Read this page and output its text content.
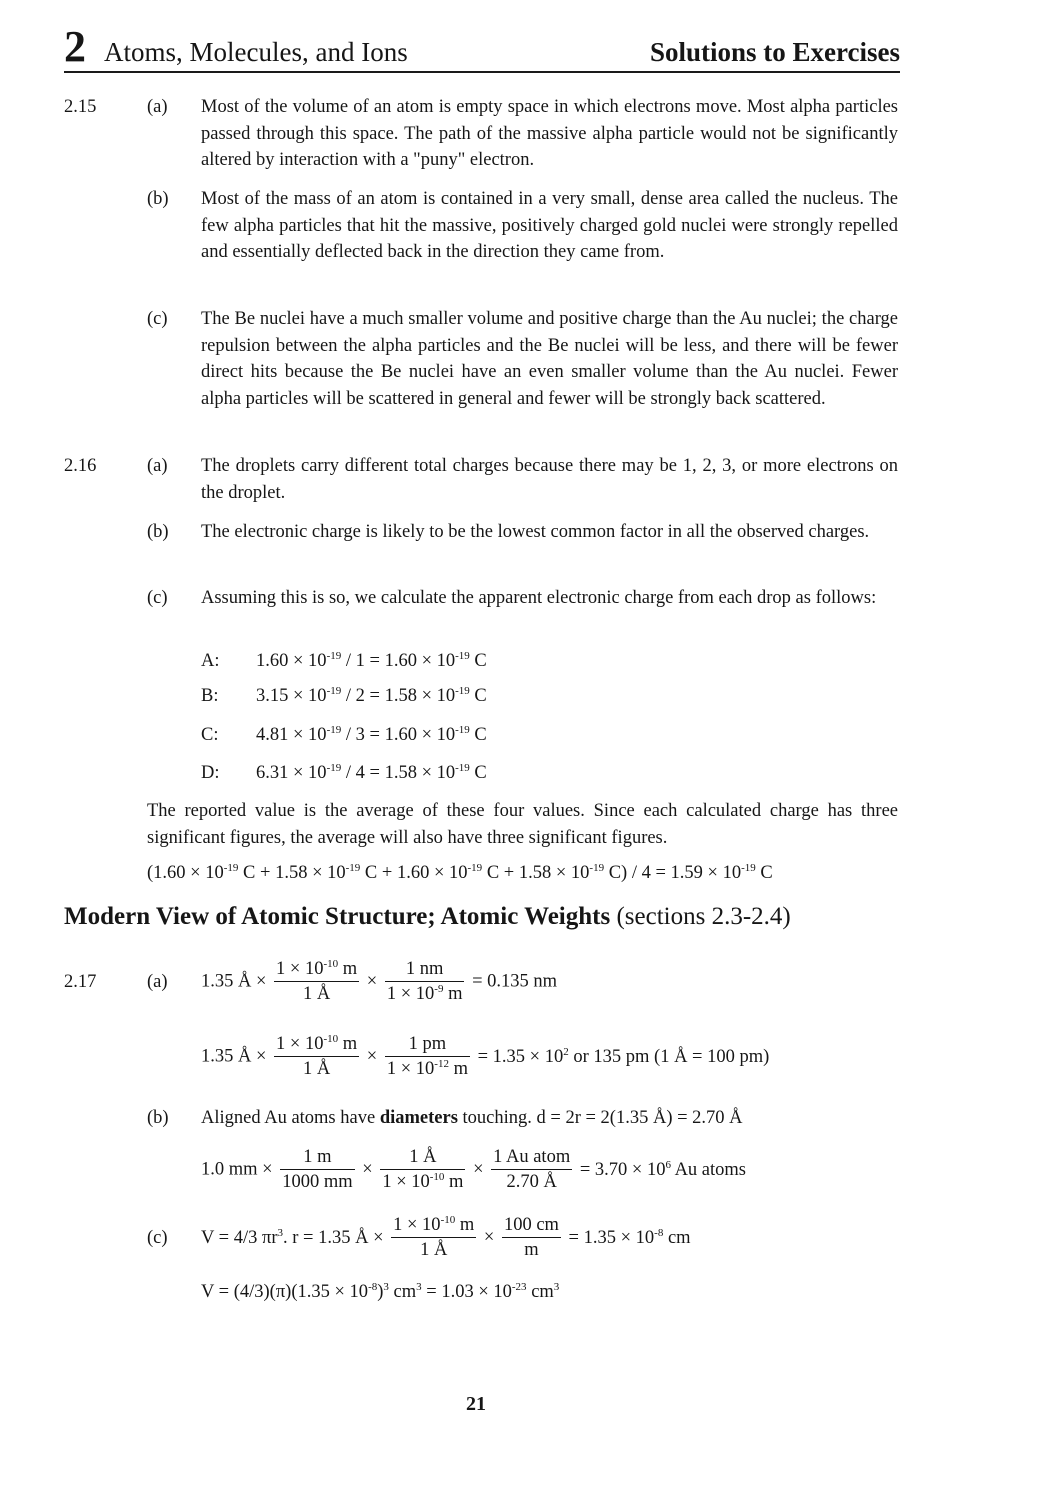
2 Atoms, Molecules, and Ions	Solutions to Exercises
2.15	(a) Most of the volume of an atom is empty space in which electrons move. Most alpha particles passed through this space. The path of the massive alpha particle would not be significantly altered by interaction with a "puny" electron.
(b) Most of the mass of an atom is contained in a very small, dense area called the nucleus. The few alpha particles that hit the massive, positively charged gold nuclei were strongly repelled and essentially deflected back in the direction they came from.
(c) The Be nuclei have a much smaller volume and positive charge than the Au nuclei; the charge repulsion between the alpha particles and the Be nuclei will be less, and there will be fewer direct hits because the Be nuclei have an even smaller volume than the Au nuclei. Fewer alpha particles will be scattered in general and fewer will be strongly back scattered.
2.16	(a) The droplets carry different total charges because there may be 1, 2, 3, or more electrons on the droplet.
(b) The electronic charge is likely to be the lowest common factor in all the observed charges.
(c) Assuming this is so, we calculate the apparent electronic charge from each drop as follows:
A: $1.60 \times 10^{-19} / 1 = 1.60 \times 10^{-19}$ C
B: $3.15 \times 10^{-19} / 2 = 1.58 \times 10^{-19}$ C
C: $4.81 \times 10^{-19} / 3 = 1.60 \times 10^{-19}$ C
D: $6.31 \times 10^{-19} / 4 = 1.58 \times 10^{-19}$ C
The reported value is the average of these four values. Since each calculated charge has three significant figures, the average will also have three significant figures.
($1.60 \times 10^{-19}$ $C + 1.58 \times 10^{-19}$ $C + 1.60 \times 10^{-19}$ $C + 1.58 \times 10^{-19}$ $C) / 4 = 1.59 \times 10^{-19}$ C
Modern View of Atomic Structure; Atomic Weights (sections 2.3-2.4)
2.17	(a) 1.35 Å × $\frac{1 \times 10^{-10} m}{1 Å} \times \frac{1 nm}{1 \times 10^{-9} m} = 0.135$ nm
1.35 Å × $\frac{1 \times 10^{-10} m}{1 Å} \times \frac{1 pm}{1 \times 10^{-12} m} = 1.35 \times 10^2$ or 135 pm (1 Å = 100 pm)
(b) Aligned Au atoms have diameters touching. d = 2r = 2(1.35 Å) = 2.70 Å
1.0 mm × $\frac{1 m}{1000 mm} \times \frac{1 Å}{1 \times 10^{-10} m} \times \frac{\text{1 Au atom}}{2.70 Å} = 3.70 \times 10^6$ Au atoms
(c) V = 4/3 $\pi r^3$. r = 1.35 Å × $\frac{1 \times 10^{-10} m}{1 Å} \times \frac{100 cm}{m} = 1.35 \times 10^{-8}$ cm
$V = (4/3)(\pi)(1.35 \times 10^{-8})^3$ $cm^3 = 1.03 \times 10^{-23}$ $cm^3$
21
